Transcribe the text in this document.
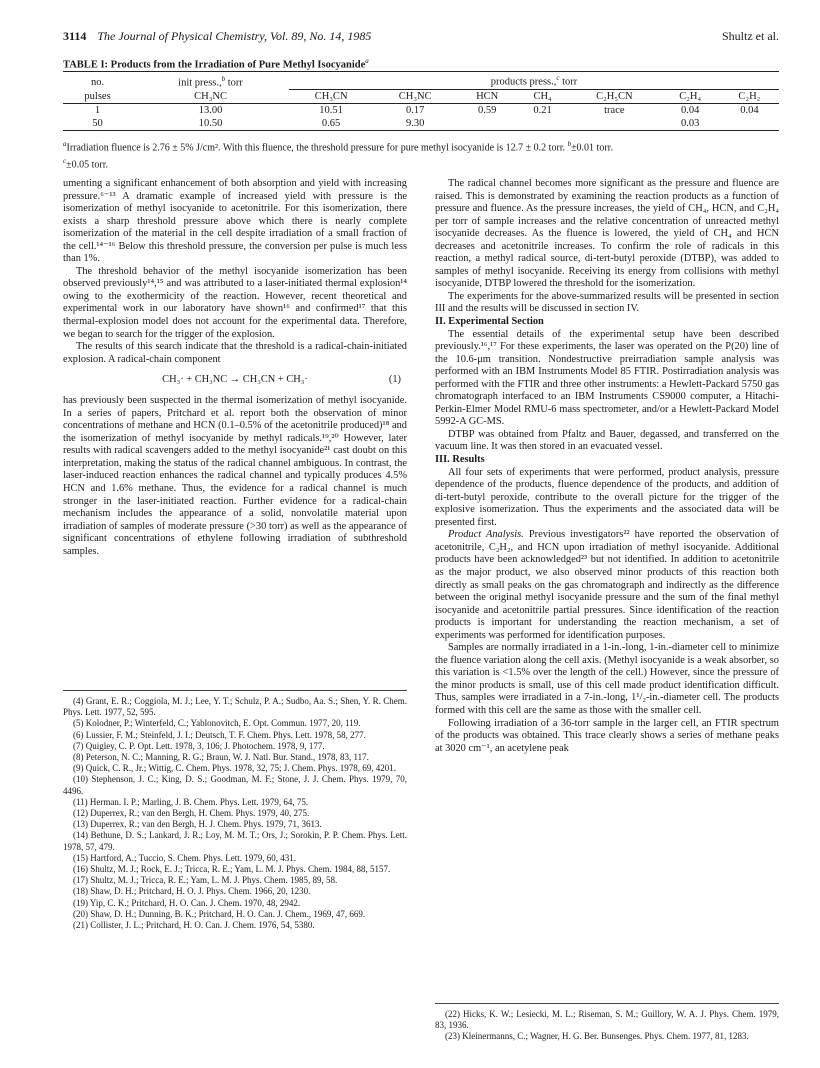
3114 The Journal of Physical Chemistry, Vol. 89, No. 14, 1985	Shultz et al.
TABLE I: Products from the Irradiation of Pure Methyl Isocyanide$^a$
no.	init press.,$^b$ torr	products press.,$^c$ torr						
pulses	CH₃NC	CH₃CN	CH₃NC	HCN	CH₄	C₂H₅CN	C₂H₄	C₂H₂
1	13.00	10.51	0.17	0.59	0.21	trace	0.04	0.04
50	10.50	0.65	9.30				0.03	
$^a$Irradiation fluence is 2.76 ± 5% J/cm². With this fluence, the threshold pressure for pure methyl isocyanide is 12.7 ± 0.2 torr. $^b$±0.01 torr.
$^c$±0.05 torr.

umenting a significant enhancement of both absorption and yield with increasing pressure.⁶⁻¹³ A dramatic example of increased yield with pressure is the isomerization of methyl isocyanide to acetonitrile. For this isomerization, there exists a sharp threshold pressure above which there is nearly complete isomerization of the material in the cell despite irradiation of a small fraction of the cell.¹⁴⁻¹⁶ Below this threshold pressure, the conversion per pulse is much less than 1%.

The threshold behavior of the methyl isocyanide isomerization has been observed previously¹⁴,¹⁵ and was attributed to a laser-initiated thermal explosion¹⁴ owing to the exothermicity of the reaction. However, recent theoretical and experimental work in our laboratory have shown¹⁶ and confirmed¹⁷ that this thermal-explosion model does not account for the experimental data. Therefore, we began to search for the trigger of the explosion.

The results of this search indicate that the threshold is a radical-chain-initiated explosion. A radical-chain component

CH₃· + CH₃NC → CH₃CN + CH₃·	(1)

has previously been suspected in the thermal isomerization of methyl isocyanide. In a series of papers, Pritchard et al. report both the observation of minor concentrations of methane and HCN (0.1–0.5% of the acetonitrile produced)¹⁸ and the isomerization of methyl isocyanide by methyl radicals.¹⁹,²⁰ However, later results with radical scavengers added to the methyl isocyanide²¹ cast doubt on this interpretation, making the status of the radical channel ambiguous. In contrast, the laser-induced reaction enhances the radical channel and typically produces 4.5% HCN and 1.6% methane. Thus, the evidence for a radical channel is much stronger in the laser-initiated reaction. Further evidence for a radical-chain mechanism includes the appearance of a solid, nonvolatile material upon irradiation of samples of moderate pressure (>30 torr) as well as the appearance of significant concentrations of ethylene following irradiation of subthreshold samples.

The radical channel becomes more significant as the pressure and fluence are raised. This is demonstrated by examining the reaction products as a function of pressure and fluence. As the pressure increases, the yield of CH₄, HCN, and C₂H₄ per torr of sample increases and the relative concentration of unreacted methyl isocyanide decreases. As the fluence is lowered, the yield of CH₄ and HCN decreases and acetonitrile increases. To confirm the role of radicals in this reaction, a methyl radical source, di-tert-butyl peroxide (DTBP), was added to samples of methyl isocyanide. Receiving its energy from collisions with methyl isocyanide, DTBP lowered the threshold for the isomerization.

The experiments for the above-summarized results will be presented in section III and the results will be discussed in section IV.

II. Experimental Section

The essential details of the experimental setup have been described previously.¹⁶,¹⁷ For these experiments, the laser was operated on the P(20) line of the 10.6-μm transition. Nondestructive preirradiation sample analysis was performed with an IBM Instruments Model 85 FTIR. Postirradiation analysis was performed with the FTIR and three other instruments: a Hewlett-Packard 5750 gas chromatograph interfaced to an IBM Instruments CS9000 computer, a Hitachi-Perkin-Elmer Model RMU-6 mass spectrometer, and/or a Hewlett-Packard Model 5992-A GC-MS.

DTBP was obtained from Pfaltz and Bauer, degassed, and transferred on the vacuum line. It was then stored in an evacuated vessel.

III. Results

All four sets of experiments that were performed, product analysis, pressure dependence of the products, fluence dependence of the products, and addition of di-tert-butyl peroxide, contribute to the overall picture for the trigger of the explosive isomerization. Thus the experiments and the associated data will be presented first.

Product Analysis. Previous investigators²² have reported the observation of acetonitrile, C₂H₂, and HCN upon irradiation of methyl isocyanide. Additional products have been acknowledged²³ but not identified. In addition to acetonitrile as the major product, we also observed minor products of this reaction both directly as small peaks on the gas chromatograph and indirectly as the difference between the original methyl isocyanide pressure and the sum of the final methyl isocyanide and acetonitrile partial pressures. Since identification of the reaction products is important for understanding the reaction mechanism, a set of experiments was performed for identification purposes.

Samples are normally irradiated in a 1-in.-long, 1-in.-diameter cell to minimize the fluence variation along the cell axis. (Methyl isocyanide is a weak absorber, so this variation is <1.5% over the length of the cell.) However, since the pressure of the minor products is small, use of this cell made product identification difficult. Thus, samples were irradiated in a 7-in.-long, 1¹/₂-in.-diameter cell. The products formed with this cell are the same as those with the smaller cell.

Following irradiation of a 36-torr sample in the larger cell, an FTIR spectrum of the products was obtained. This trace clearly shows a series of methane peaks at 3020 cm⁻¹, an acetylene peak

(4) Grant, E. R.; Coggiola, M. J.; Lee, Y. T.; Schulz, P. A.; Sudbo, Aa. S.; Shen, Y. R. Chem. Phys. Lett. 1977, 52, 595.
(5) Kolodner, P.; Winterfeld, C.; Yablonovitch, E. Opt. Commun. 1977, 20, 119.
(6) Lussier, F. M.; Steinfeld, J. I.; Deutsch, T. F. Chem. Phys. Lett. 1978, 58, 277.
(7) Quigley, C. P. Opt. Lett. 1978, 3, 106; J. Photochem. 1978, 9, 177.
(8) Peterson, N. C.; Manning, R. G.; Braun, W. J. Natl. Bur. Stand., 1978, 83, 117.
(9) Quick, C. R., Jr.; Wittig, C. Chem. Phys. 1978, 32, 75; J. Chem. Phys. 1978, 69, 4201.
(10) Stephenson, J. C.; King, D. S.; Goodman, M. F.; Stone, J. J. Chem. Phys. 1979, 70, 4496.
(11) Herman. I. P.; Marling, J. B. Chem. Phys. Lett. 1979, 64, 75.
(12) Duperrex, R.; van den Bergh, H. Chem. Phys. 1979, 40, 275.
(13) Duperrex, R.; van den Bergh, H. J. Chem. Phys. 1979, 71, 3613.
(14) Bethune, D. S.; Lankard, J. R.; Loy, M. M. T.; Ors, J.; Sorokin, P. P. Chem. Phys. Lett. 1978, 57, 479.
(15) Hartford, A.; Tuccio, S. Chem. Phys. Lett. 1979, 60, 431.
(16) Shultz, M. J.; Rock, E. J.; Tricca, R. E.; Yam, L. M. J. Phys. Chem. 1984, 88, 5157.
(17) Shultz, M. J.; Tricca, R. E.; Yam, L. M. J. Phys. Chem. 1985, 89, 58.
(18) Shaw, D. H.; Pritchard, H. O. J. Phys. Chem. 1966, 20, 1230.
(19) Yip, C. K.; Pritchard, H. O. Can. J. Chem. 1970, 48, 2942.
(20) Shaw, D. H.; Dunning, B. K.; Pritchard, H. O. Can. J. Chem., 1969, 47, 669.
(21) Collister, J. L.; Pritchard, H. O. Can. J. Chem. 1976, 54, 5380.
(22) Hicks, K. W.; Lesiecki, M. L.; Riseman, S. M.; Guillory, W. A. J. Phys. Chem. 1979, 83, 1936.
(23) Kleinermanns, C.; Wagner, H. G. Ber. Bunsenges. Phys. Chem. 1977, 81, 1283.
